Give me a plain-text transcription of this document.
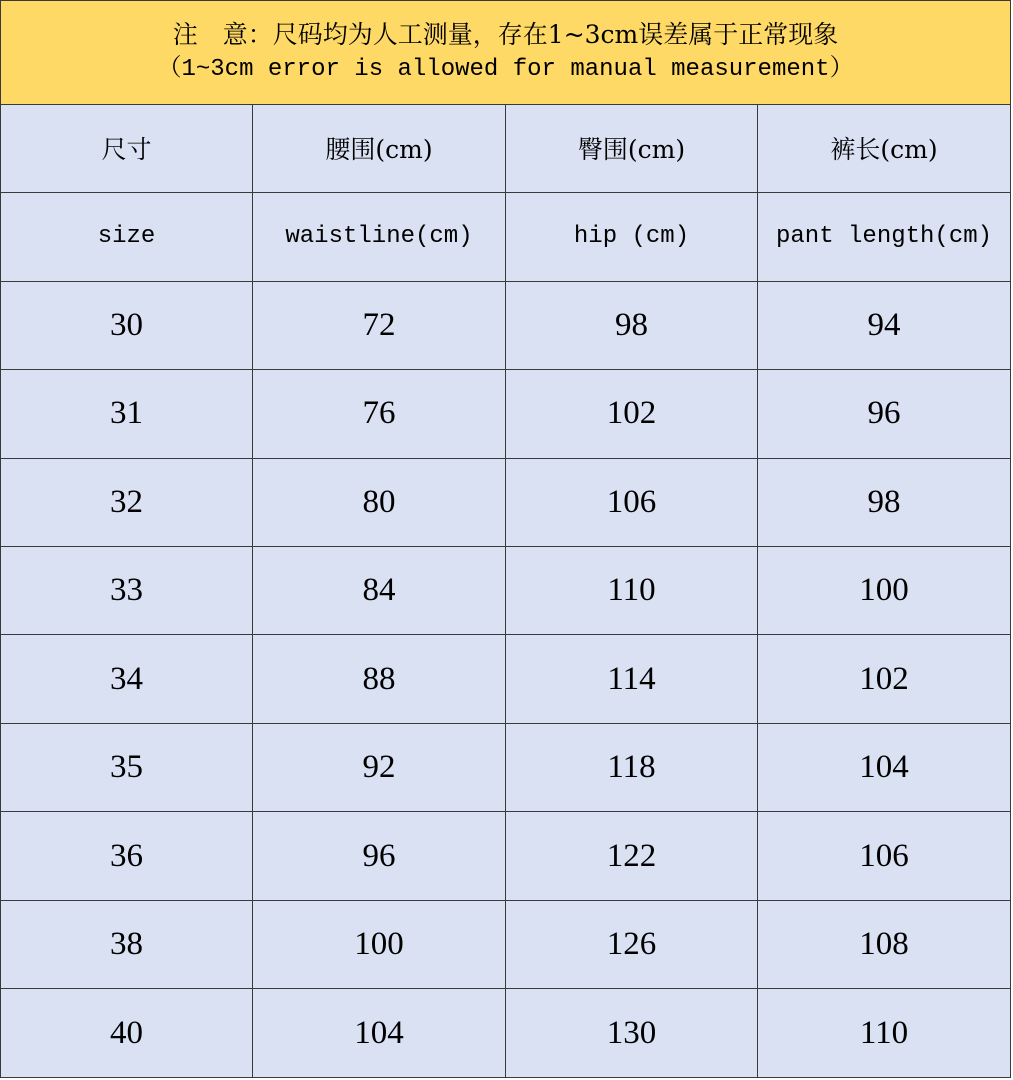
注　意：尺码均为人工测量，存在1~3cm误差属于正常现象
（1~3cm error is allowed for manual measurement）			

尺寸	腰围(cm)	臀围(cm)	裤长(cm)
size	waistline(cm)	hip (cm)	pant length(cm)
30	72	98	94
31	76	102	96
32	80	106	98
33	84	110	100
34	88	114	102
35	92	118	104
36	96	122	106
38	100	126	108
40	104	130	110
